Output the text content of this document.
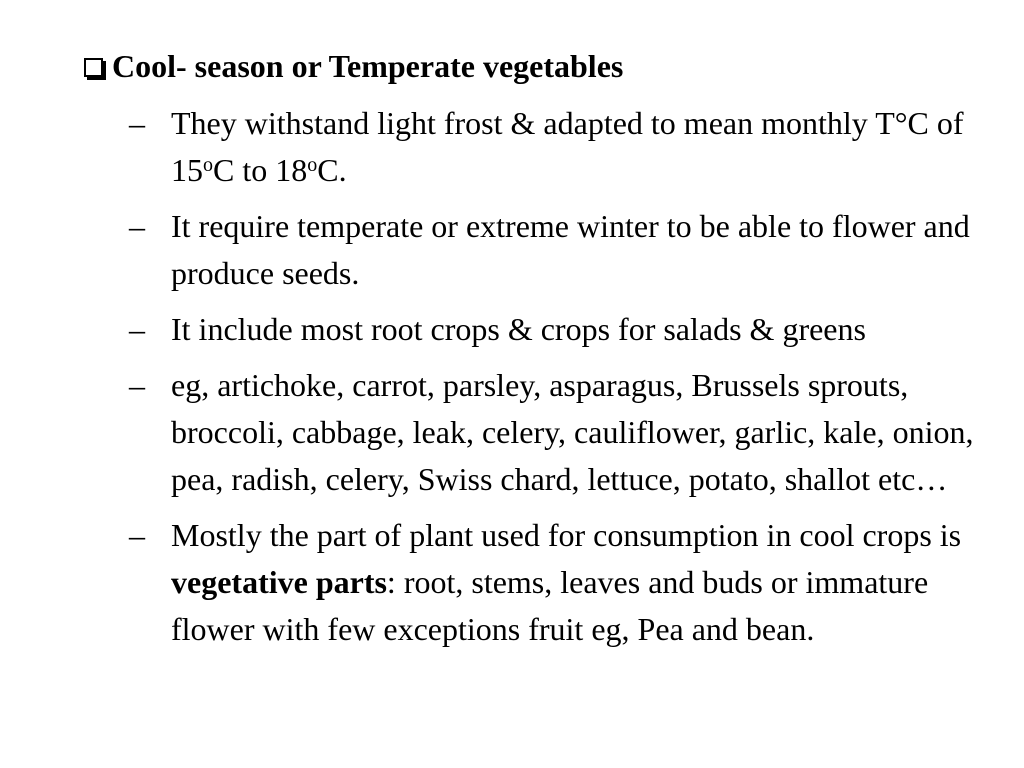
Cool- season or Temperate vegetables
– They withstand light frost & adapted to mean monthly T°C of 15$^o$C to 18$^o$C.
– It require temperate or extreme winter to be able to flower and produce seeds.
– It include most root crops & crops for salads & greens
– eg, artichoke, carrot, parsley, asparagus, Brussels sprouts, broccoli, cabbage, leak, celery, cauliflower, garlic, kale, onion, pea, radish, celery, Swiss chard, lettuce, potato, shallot etc…
– Mostly the part of plant used for consumption in cool crops is vegetative parts: root, stems, leaves and buds or immature flower with few exceptions fruit eg, Pea and bean.
